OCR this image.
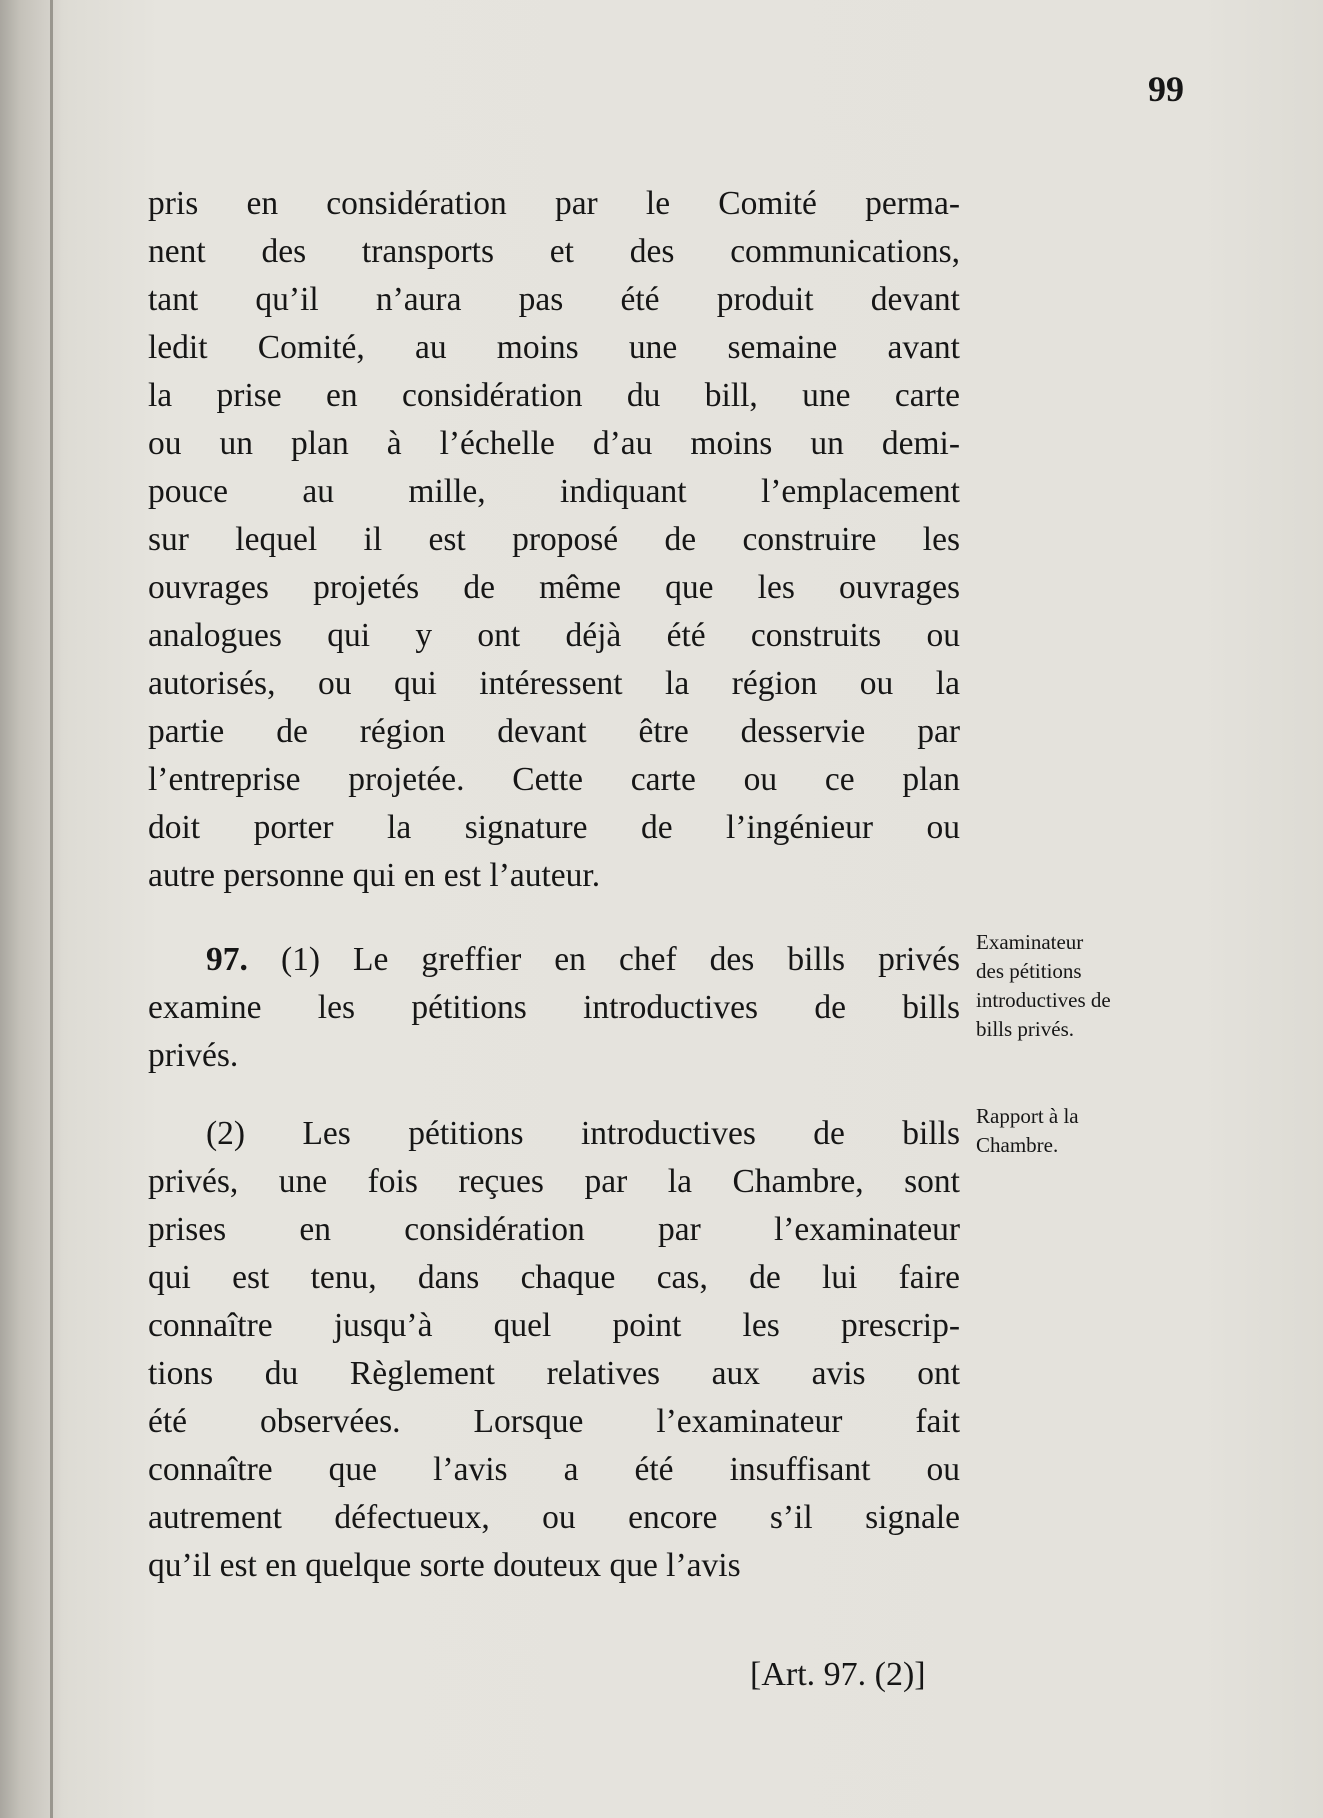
99
pris en considération par le Comité perma-
nent des transports et des communications,
tant qu’il n’aura pas été produit devant
ledit Comité, au moins une semaine avant
la prise en considération du bill, une carte
ou un plan à l’échelle d’au moins un demi-
pouce au mille, indiquant l’emplacement
sur lequel il est proposé de construire les
ouvrages projetés de même que les ouvrages
analogues qui y ont déjà été construits ou
autorisés, ou qui intéressent la région ou la
partie de région devant être desservie par
l’entreprise projetée. Cette carte ou ce plan
doit porter la signature de l’ingénieur ou
autre personne qui en est l’auteur.
97. (1) Le greffier en chef des bills privés
examine les pétitions introductives de bills
privés.
(2) Les pétitions introductives de bills
privés, une fois reçues par la Chambre, sont
prises en considération par l’examinateur
qui est tenu, dans chaque cas, de lui faire
connaître jusqu’à quel point les prescrip-
tions du Règlement relatives aux avis ont
été observées. Lorsque l’examinateur fait
connaître que l’avis a été insuffisant ou
autrement défectueux, ou encore s’il signale
qu’il est en quelque sorte douteux que l’avis
Examinateur
des pétitions
introductives de
bills privés.
Rapport à la
Chambre.
[Art. 97. (2)]
